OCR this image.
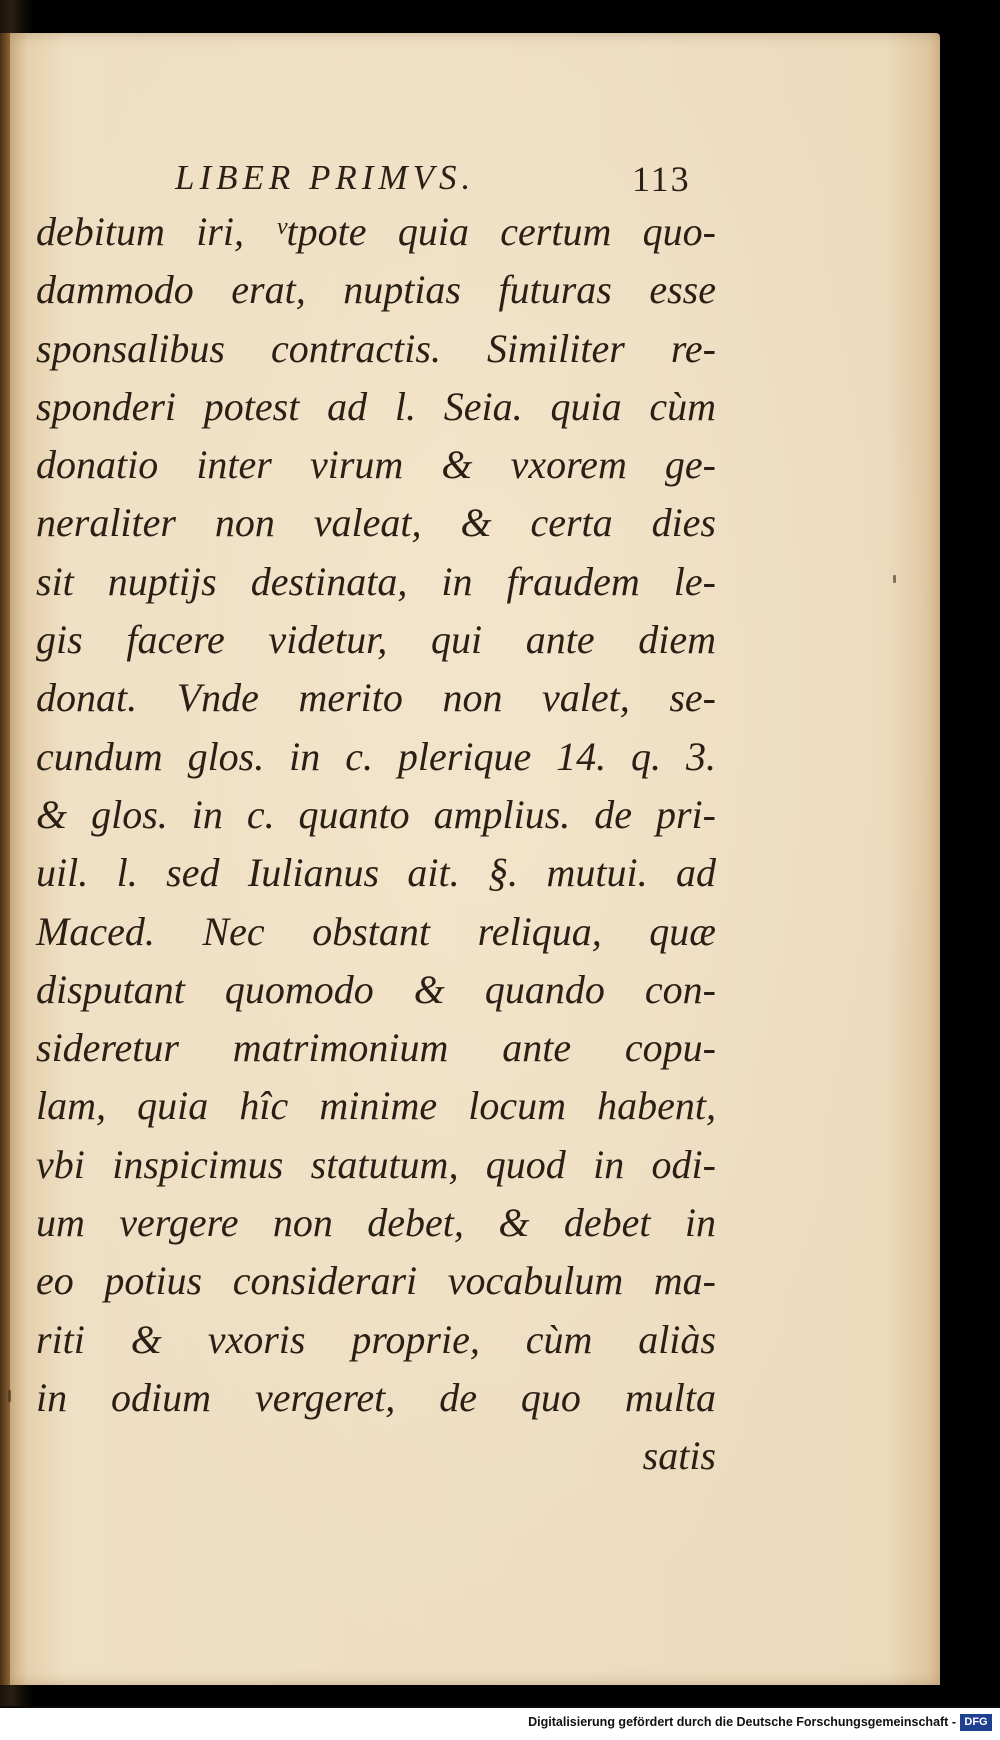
LIBER PRIMVS.	113
debitum iri, ᵛtpote quia certum quo-
dammodo erat, nuptias futuras esse
sponsalibus contractis. Similiter re-
sponderi potest ad l. Seia. quia cùm
donatio inter virum & vxorem ge-
neraliter non valeat, & certa dies
sit nuptijs destinata, in fraudem le-
gis facere videtur, qui ante diem
donat. Vnde merito non valet, se-
cundum glos. in c. plerique 14. q. 3.
& glos. in c. quanto amplius. de pri-
uil. l. sed Iulianus ait. §. mutui. ad
Maced. Nec obstant reliqua, quæ
disputant quomodo & quando con-
sideretur matrimonium ante copu-
lam, quia hîc minime locum habent,
vbi inspicimus statutum, quod in odi-
um vergere non debet, & debet in
eo potius considerari vocabulum ma-
riti & vxoris proprie, cùm aliàs
in odium vergeret, de quo multa
satis
Digitalisierung gefördert durch die Deutsche Forschungsgemeinschaft - DFG
